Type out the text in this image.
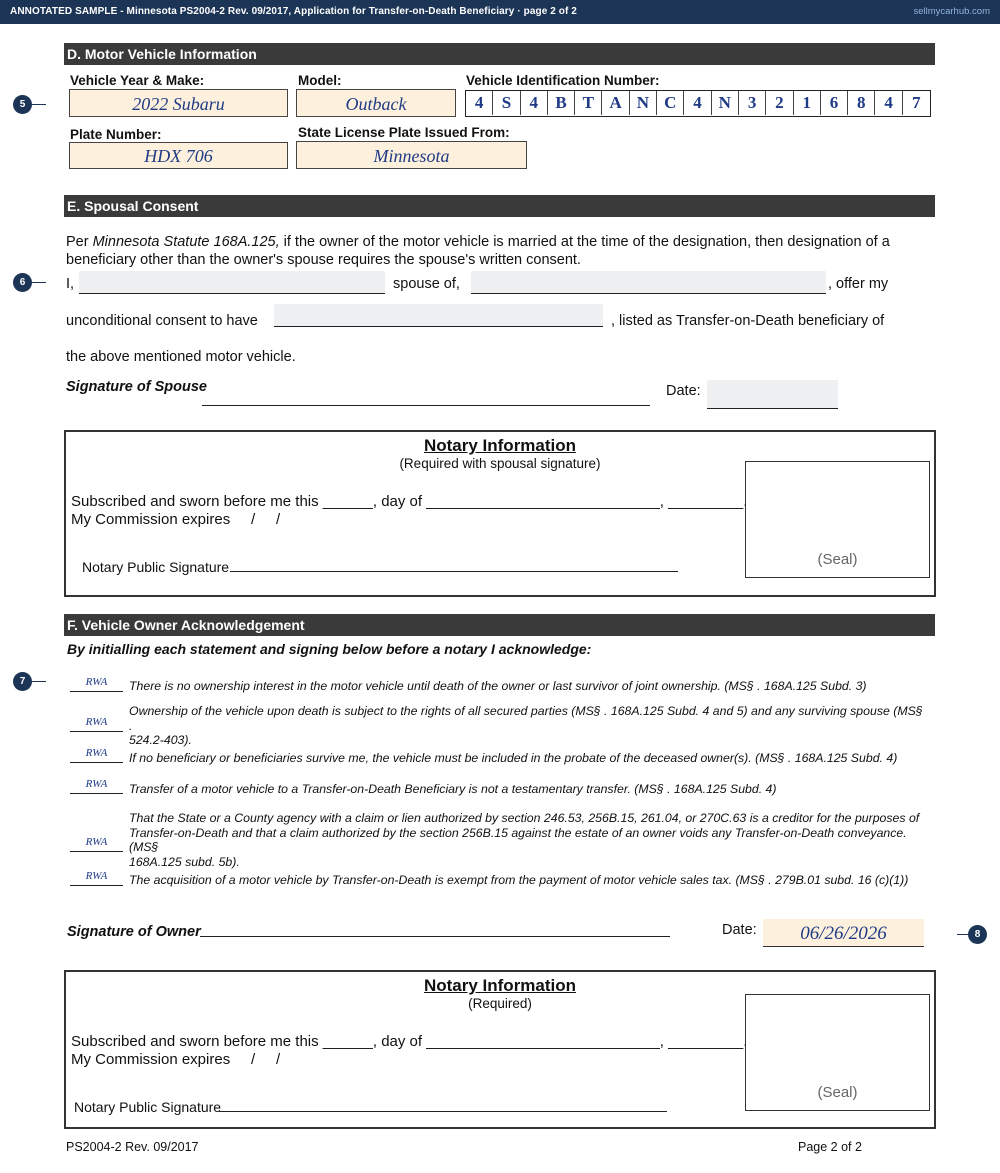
ANNOTATED SAMPLE - Minnesota PS2004-2 Rev. 09/2017, Application for Transfer-on-Death Beneficiary · page 2 of 2	sellmycarhub.com
D. Motor Vehicle Information
Vehicle Year & Make:	Model:	Vehicle Identification Number:
2022 Subaru	Outback	4	S	4	B T A N C 4 N 3	2	1	6	8	4	7
5
Plate Number:	State License Plate Issued From:
HDX 706	Minnesota
E. Spousal Consent
Per Minnesota Statute 168A.125, if the owner of the motor vehicle is married at the time of the designation, then designation of a
beneficiary other than the owner's spouse requires the spouse's written consent.
6	I,	spouse of,	, offer my
unconditional consent to have	, listed as Transfer-on-Death beneficiary of
the above mentioned motor vehicle.
Signature of Spouse	Date:
Notary Information
(Required with spousal signature)
Subscribed and sworn before me this ______, day of ____________________________, _________.
My Commission expires     /     /
Notary Public Signature	(Seal)
F. Vehicle Owner Acknowledgement
By initialling each statement and signing below before a notary I acknowledge:
7	RWA	There is no ownership interest in the motor vehicle until death of the owner or last survivor of joint ownership. (MS§ . 168A.125 Subd. 3)
RWA
Ownership of the vehicle upon death is subject to the rights of all secured parties (MS§ . 168A.125 Subd. 4 and 5) and any surviving spouse (MS§ .
524.2-403).
RWA	If no beneficiary or beneficiaries survive me, the vehicle must be included in the probate of the deceased owner(s). (MS§ . 168A.125 Subd. 4)
RWA	Transfer of a motor vehicle to a Transfer-on-Death Beneficiary is not a testamentary transfer. (MS§ . 168A.125 Subd. 4)
RWA
That the State or a County agency with a claim or lien authorized by section 246.53, 256B.15, 261.04, or 270C.63 is a creditor for the purposes of
Transfer-on-Death and that a claim authorized by the section 256B.15 against the estate of an owner voids any Transfer-on-Death conveyance. (MS§
168A.125 subd. 5b).
RWA	The acquisition of a motor vehicle by Transfer-on-Death is exempt from the payment of motor vehicle sales tax. (MS§ . 279B.01 subd. 16 (c)(1))
Signature of Owner	Date:	06/26/2026	8
Notary Information
(Required)
Subscribed and sworn before me this ______, day of ____________________________, _________.
My Commission expires     /     /
Notary Public Signature
(Seal)
PS2004-2 Rev. 09/2017	Page 2 of 2
